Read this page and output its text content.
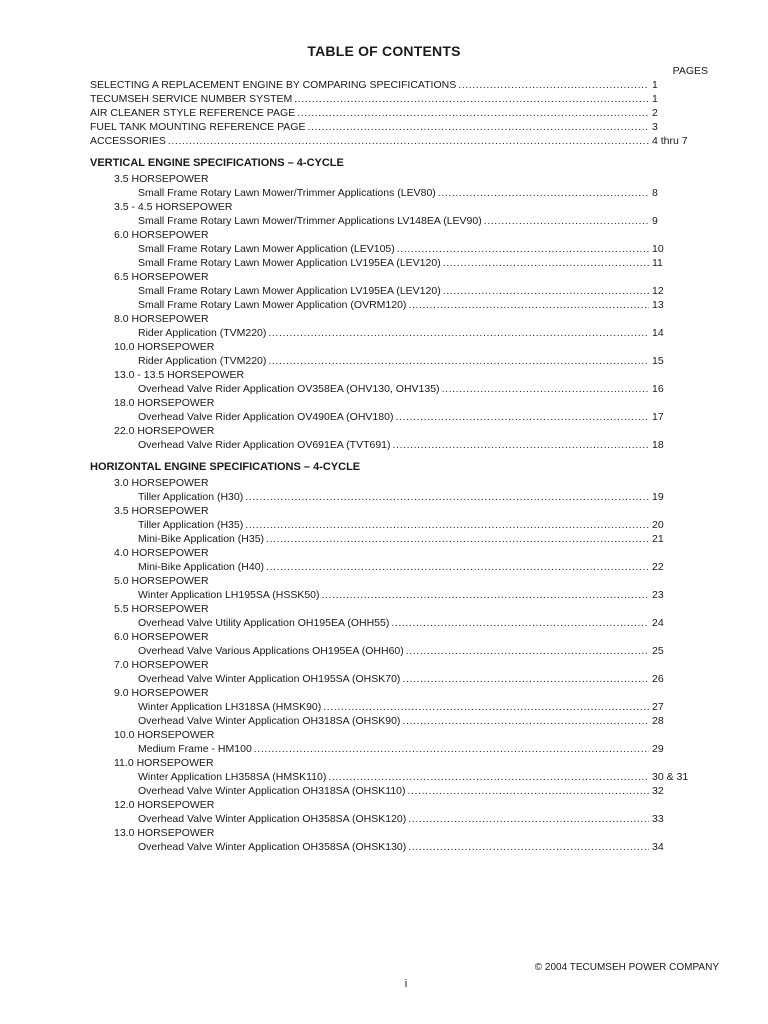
TABLE OF CONTENTS
PAGES
SELECTING A REPLACEMENT ENGINE BY COMPARING SPECIFICATIONS .....	1
TECUMSEH SERVICE NUMBER SYSTEM .....	1
AIR CLEANER STYLE REFERENCE PAGE .....	2
FUEL TANK MOUNTING REFERENCE PAGE .....	3
ACCESSORIES .....	4 thru 7
VERTICAL ENGINE SPECIFICATIONS – 4-CYCLE
3.5 HORSEPOWER
Small Frame Rotary Lawn Mower/Trimmer Applications (LEV80) .....	8
3.5 - 4.5 HORSEPOWER
Small Frame Rotary Lawn Mower/Trimmer Applications LV148EA (LEV90) .....	9
6.0 HORSEPOWER
Small Frame Rotary Lawn Mower Application (LEV105) .....	10
Small Frame Rotary Lawn Mower Application LV195EA (LEV120) .....	11
6.5 HORSEPOWER
Small Frame Rotary Lawn Mower Application LV195EA (LEV120) .....	12
Small Frame Rotary Lawn Mower Application (OVRM120) .....	13
8.0 HORSEPOWER
Rider Application (TVM220) .....	14
10.0 HORSEPOWER
Rider Application (TVM220) .....	15
13.0 - 13.5 HORSEPOWER
Overhead Valve Rider Application OV358EA (OHV130, OHV135) .....	16
18.0 HORSEPOWER
Overhead Valve Rider Application OV490EA (OHV180) .....	17
22.0 HORSEPOWER
Overhead Valve Rider Application OV691EA (TVT691) .....	18
HORIZONTAL ENGINE SPECIFICATIONS – 4-CYCLE
3.0 HORSEPOWER
Tiller Application (H30) .....	19
3.5 HORSEPOWER
Tiller Application (H35) .....	20
Mini-Bike Application (H35) .....	21
4.0 HORSEPOWER
Mini-Bike Application (H40) .....	22
5.0 HORSEPOWER
Winter Application LH195SA (HSSK50) .....	23
5.5 HORSEPOWER
Overhead Valve Utility Application OH195EA (OHH55) .....	24
6.0 HORSEPOWER
Overhead Valve Various Applications OH195EA (OHH60) .....	25
7.0 HORSEPOWER
Overhead Valve Winter Application OH195SA (OHSK70) .....	26
9.0 HORSEPOWER
Winter Application LH318SA (HMSK90) .....	27
Overhead Valve Winter Application OH318SA (OHSK90) .....	28
10.0 HORSEPOWER
Medium Frame - HM100 .....	29
11.0 HORSEPOWER
Winter Application LH358SA (HMSK110) .....	30 & 31
Overhead Valve Winter Application OH318SA (OHSK110) .....	32
12.0 HORSEPOWER
Overhead Valve Winter Application OH358SA (OHSK120) .....	33
13.0 HORSEPOWER
Overhead Valve Winter Application OH358SA (OHSK130) .....	34
© 2004 TECUMSEH POWER COMPANY
i
